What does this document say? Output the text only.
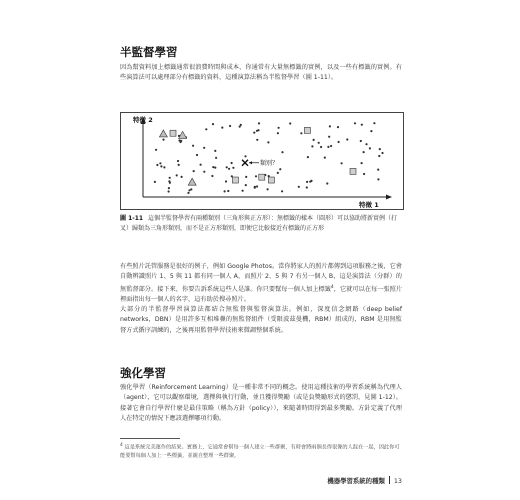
半監督學習
因為幫資料加上標籤通常很浪費時間與成本，你通常有大量無標籤的實例，以及一些有標籤的實例。有些演算法可以處理部分有標籤的資料，這種演算法稱為半監督學習（圖 1-11）。
特徵 2
特徵 1
類別？
圖 1-11 這個半監督學習有兩種類別（三角形與正方形）：無標籤的樣本（圓形）可以協助將新實例（打叉）歸類為三角形類別，而不是正方形類別，即便它比較接近有標籤的正方形
有些照片託管服務是很好的例子，例如 Google Photos。當你將家人的照片都傳到這項服務之後，它會自動辨識照片 1、5 與 11 都有同一個人 A，而照片 2、5 與 7 有另一個人 B，這是演算法（分群）的無監督部分。接下來，你要告訴系統這些人是誰。你只要幫每一個人加上標籤$^4$，它就可以在每一張照片裡面指出每一個人的名字，這有助於搜尋照片。
大部分的半監督學習演算法都結合無監督與監督演算法。例如，深度信念網路（deep belief networks，DBN）是用許多互相堆疊的無監督組件（受限波茲曼機，RBM）組成的，RBM 是用無監督方式循序訓練的，之後再用監督學習技術來微調整個系統。
強化學習
強化學習（Reinforcement Learning）是一種非常不同的概念。使用這種技術的學習系統稱為代理人（agent），它可以觀察環境，選擇與執行行動，並且獲得獎勵（或是負獎勵形式的懲罰，見圖 1-12）。接著它會自行學習什麼是最佳策略（稱為方針（policy）），來隨著時間得到最多獎勵。方針定義了代理人在特定的情況下應該選擇哪項行動。
$^4$ 這是系統完美運作的結果。實務上，它通常會幫每一個人建立一些群聚，有時會將兩個長得很像的人混在一起，因此你可能要幫每個人加上一些標籤，並親自整理一些群聚。
機器學習系統的種類 13
